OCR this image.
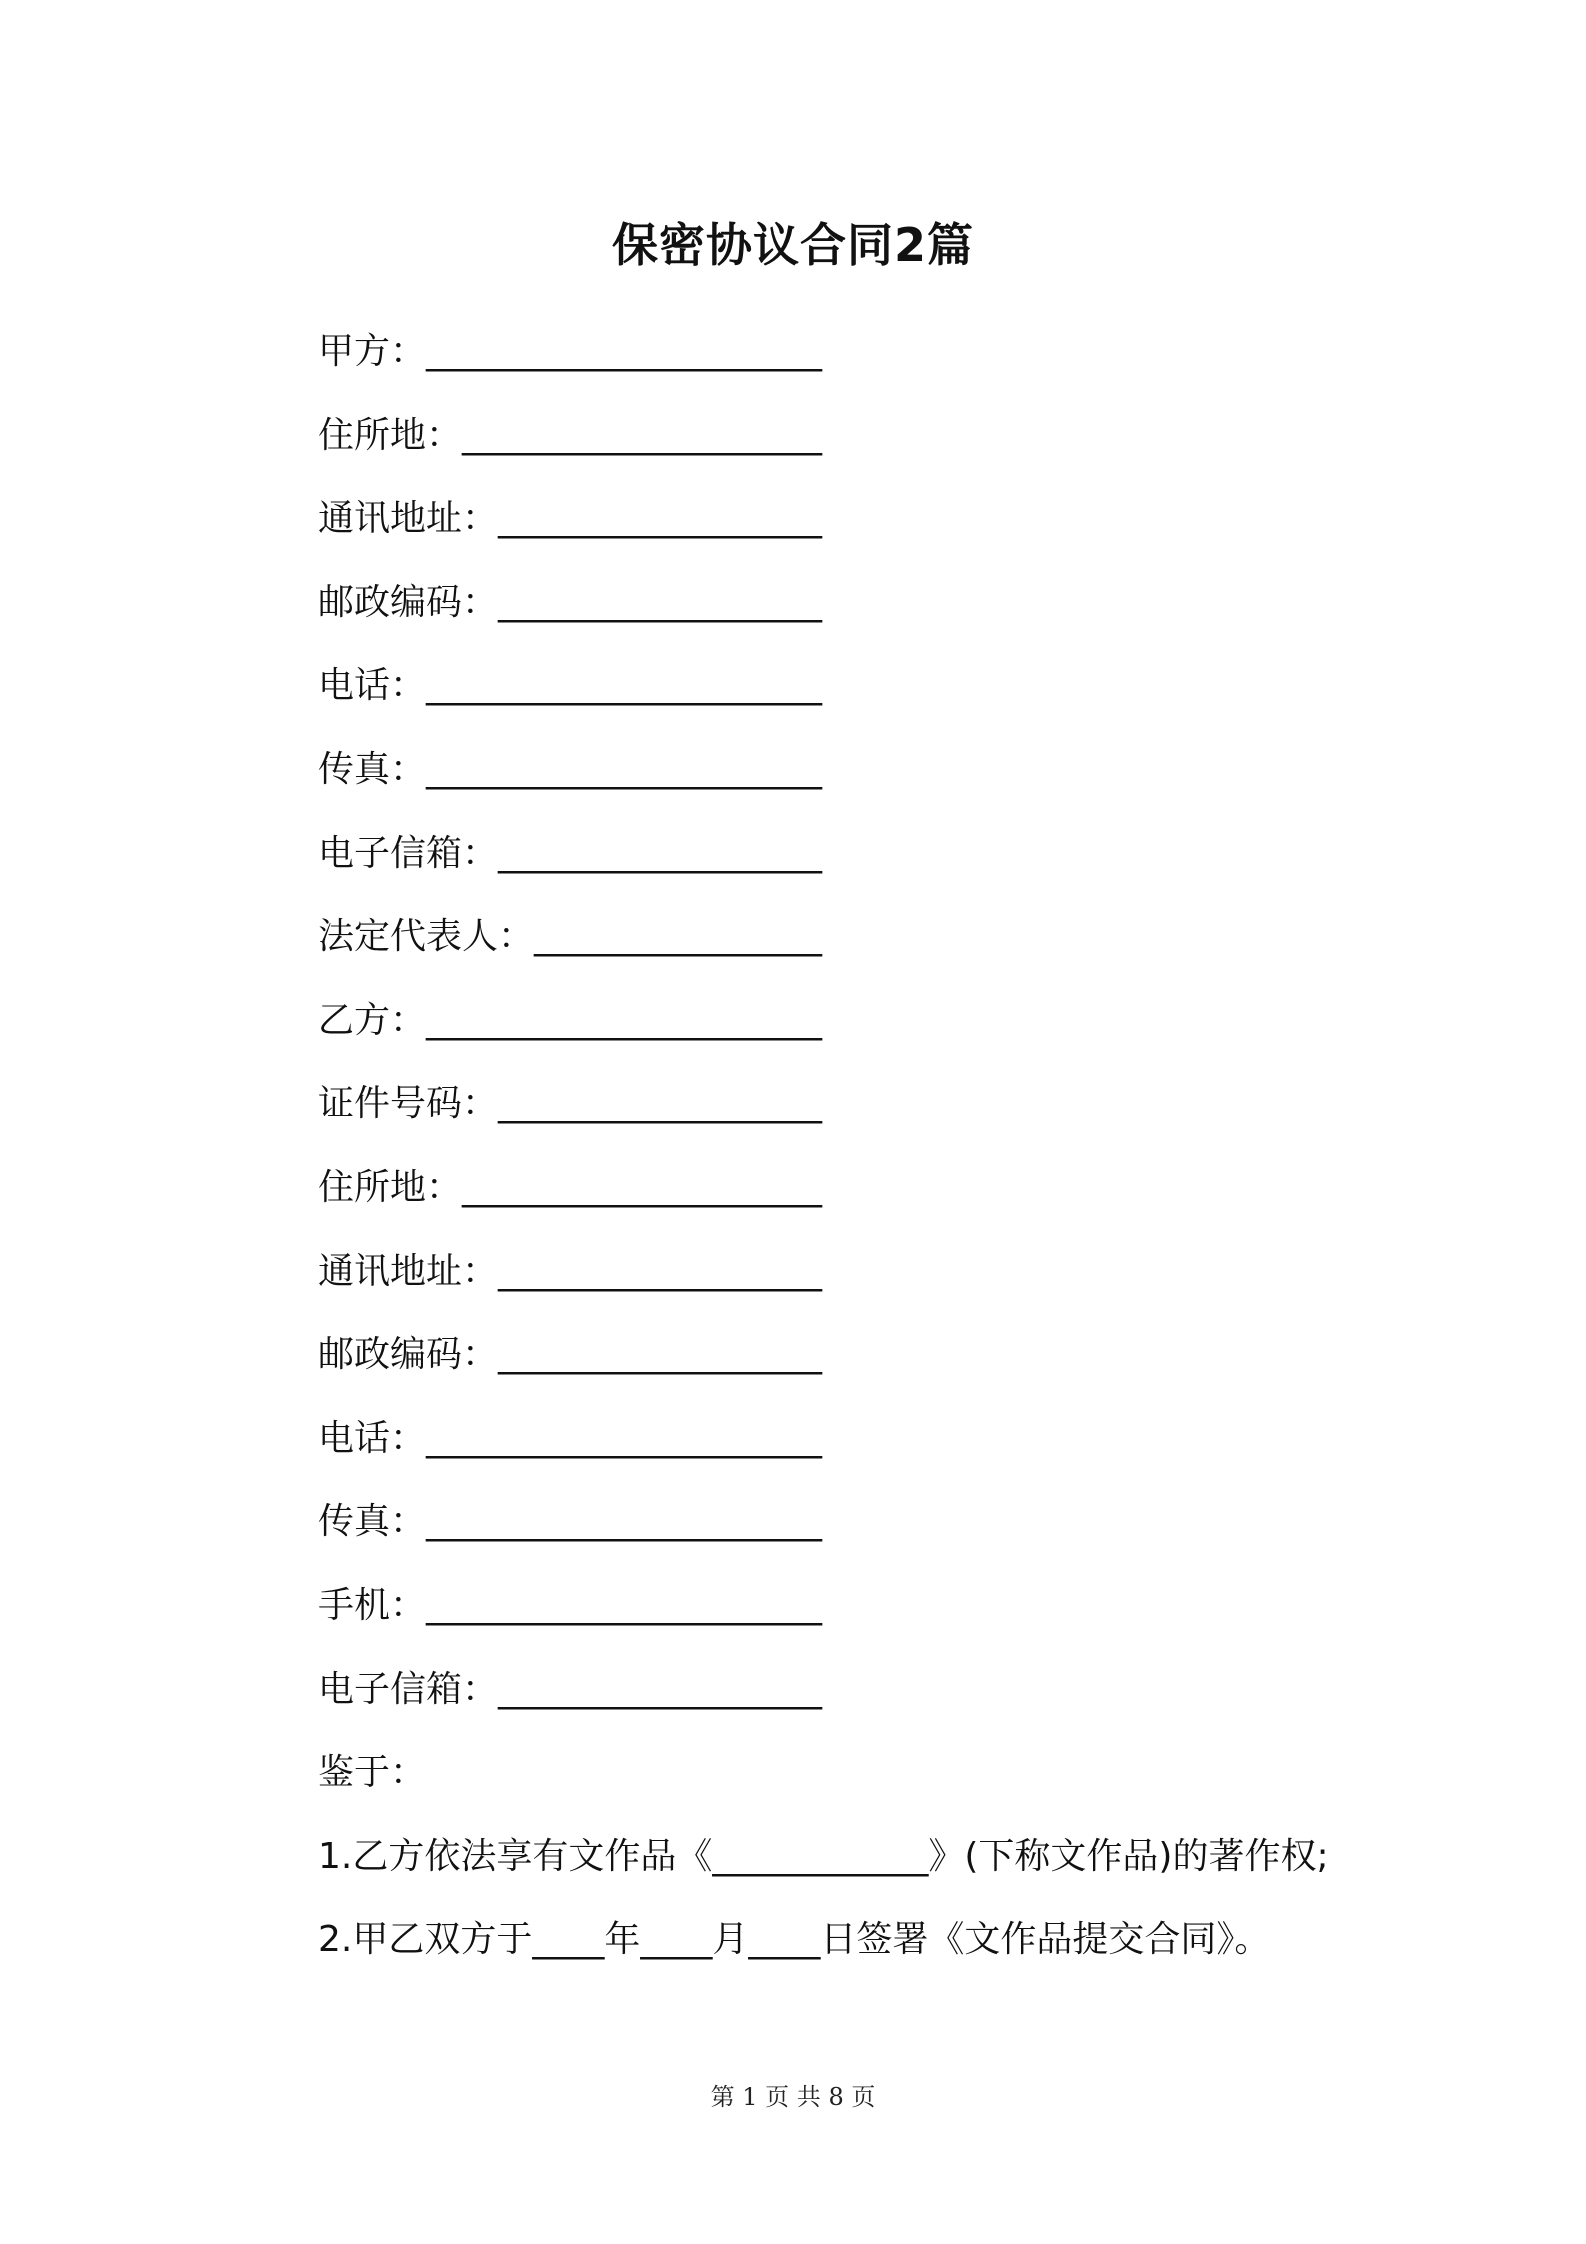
保密协议合同2篇
甲方：______________________
住所地：____________________
通讯地址：__________________
邮政编码：__________________
电话：______________________
传真：______________________
电子信箱：__________________
法定代表人：________________
乙方：______________________
证件号码：__________________
住所地：____________________
通讯地址：__________________
邮政编码：__________________
电话：______________________
传真：______________________
手机：______________________
电子信箱：__________________
鉴于：
1.乙方依法享有文作品《____________》(下称文作品)的著作权;
2.甲乙双方于____年____月____日签署《文作品提交合同》。
第 1 页 共 8 页
